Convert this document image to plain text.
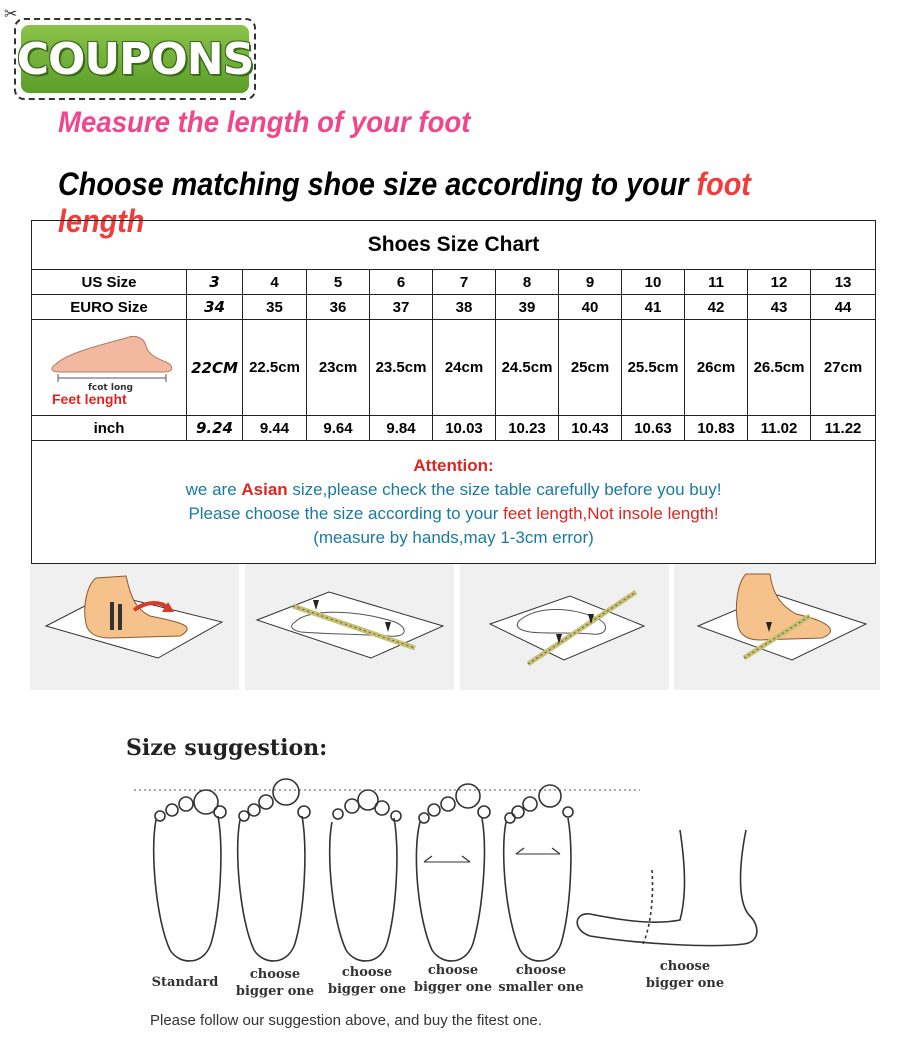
✂
COUPONS
Measure the length of your foot
Choose matching shoe size according to your foot length
Shoes Size Chart											
US Size	3	4	5	6	7	8	9	10	11	12	13
EURO Size	34	35	36	37	38	39	40	41	42	43	44

fcot long
Feet lenght	22CM	22.5cm	23cm	23.5cm	24cm	24.5cm	25cm	25.5cm	26cm	26.5cm	27cm
inch	9.24	9.44	9.64	9.84	10.03	10.23	10.43	10.63	10.83	11.02	11.22

Attention:
we are Asian size,please check the size table carefully before you buy!
Please choose the size according to your feet length,Not insole length!
(measure by hands,may 1-3cm error)											
Size suggestion:
Standard
choose
bigger one
choose
bigger one
choose
bigger one
choose
smaller one
choose
bigger one
Please follow our suggestion above, and buy the fitest one.
